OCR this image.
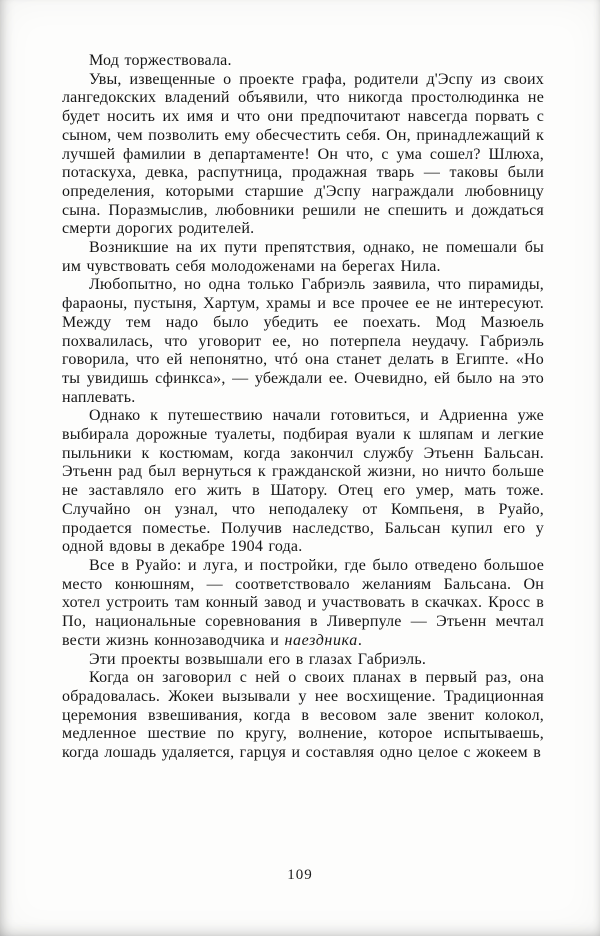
Мод торжествовала.

Увы, извещенные о проекте графа, родители д'Эспу из своих лангедокских владений объявили, что никогда простолюдинка не будет носить их имя и что они предпочитают навсегда порвать с сыном, чем позволить ему обесчестить себя. Он, принадлежащий к лучшей фамилии в департаменте! Он что, с ума сошел? Шлюха, потаскуха, девка, распутница, продажная тварь — таковы были определения, которыми старшие д'Эспу награждали любовницу сына. Поразмыслив, любовники решили не спешить и дождаться смерти дорогих родителей.

Возникшие на их пути препятствия, однако, не помешали бы им чувствовать себя молодоженами на берегах Нила.

Любопытно, но одна только Габриэль заявила, что пирамиды, фараоны, пустыня, Хартум, храмы и все прочее ее не интересуют. Между тем надо было убедить ее поехать. Мод Мазюель похвалилась, что уговорит ее, но потерпела неудачу. Габриэль говорила, что ей непонятно, чтó она станет делать в Египте. «Но ты увидишь сфинкса», — убеждали ее. Очевидно, ей было на это наплевать.

Однако к путешествию начали готовиться, и Адриенна уже выбирала дорожные туалеты, подбирая вуали к шляпам и легкие пыльники к костюмам, когда закончил службу Этьенн Бальсан. Этьенн рад был вернуться к гражданской жизни, но ничто больше не заставляло его жить в Шатору. Отец его умер, мать тоже. Случайно он узнал, что неподалеку от Компьеня, в Руайо, продается поместье. Получив наследство, Бальсан купил его у одной вдовы в декабре 1904 года.

Все в Руайо: и луга, и постройки, где было отведено большое место конюшням, — соответствовало желаниям Бальсана. Он хотел устроить там конный завод и участвовать в скачках. Кросс в По, национальные соревнования в Ливерпуле — Этьенн мечтал вести жизнь коннозаводчика и наездника.

Эти проекты возвышали его в глазах Габриэль.

Когда он заговорил с ней о своих планах в первый раз, она обрадовалась. Жокеи вызывали у нее восхищение. Традиционная церемония взвешивания, когда в весовом зале звенит колокол, медленное шествие по кругу, волнение, которое испытываешь, когда лошадь удаляется, гарцуя и составляя одно целое с жокеем в

109
